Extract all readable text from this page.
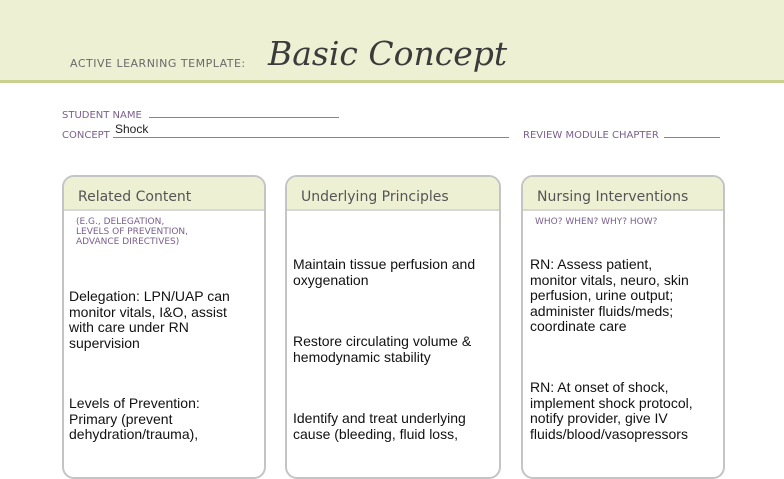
ACTIVE LEARNING TEMPLATE: Basic Concept
STUDENT NAME
CONCEPT Shock	REVIEW MODULE CHAPTER
Related Content
(E.G., DELEGATION,
LEVELS OF PREVENTION,
ADVANCE DIRECTIVES)
Delegation: LPN/UAP can
monitor vitals, I&O, assist
with care under RN
supervision
Levels of Prevention:
Primary (prevent
dehydration/trauma),
Underlying Principles
Maintain tissue perfusion and
oxygenation
Restore circulating volume &
hemodynamic stability
Identify and treat underlying
cause (bleeding, fluid loss,
Nursing Interventions
WHO? WHEN? WHY? HOW?
RN: Assess patient,
monitor vitals, neuro, skin
perfusion, urine output;
administer fluids/meds;
coordinate care
RN: At onset of shock,
implement shock protocol,
notify provider, give IV
fluids/blood/vasopressors
